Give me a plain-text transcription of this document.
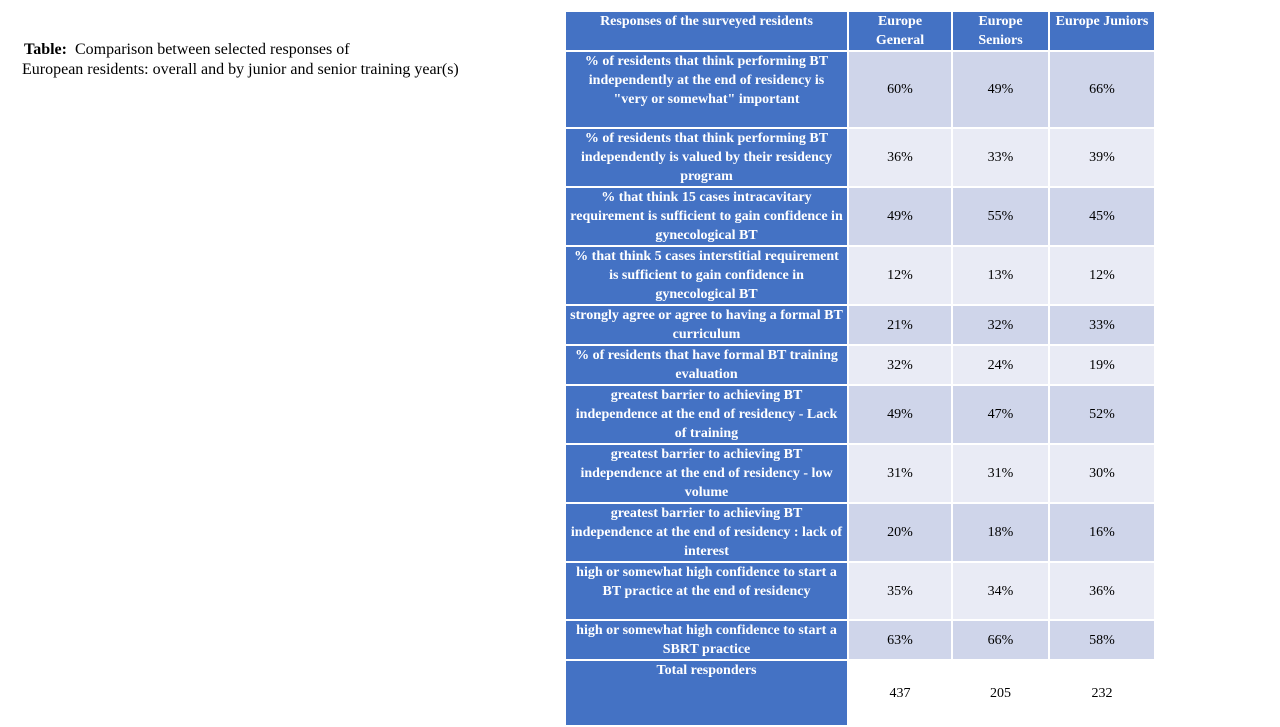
Table: Comparison between selected responses of
European residents: overall and by junior and senior training year(s)
Responses of the surveyed residents	Europe General	Europe Seniors	Europe Juniors
% of residents that think performing BT independently at the end of residency is "very or somewhat" important	60%	49%	66%
% of residents that think performing BT independently is valued by their residency program	36%	33%	39%
% that think 15 cases intracavitary requirement is sufficient to gain confidence in gynecological BT	49%	55%	45%
% that think 5 cases interstitial requirement is sufficient to gain confidence in gynecological BT	12%	13%	12%
strongly agree or agree to having a formal BT curriculum	21%	32%	33%
% of residents that have formal BT training evaluation	32%	24%	19%
greatest barrier to achieving BT independence at the end of residency - Lack of training	49%	47%	52%
greatest barrier to achieving BT independence at the end of residency - low volume	31%	31%	30%
greatest barrier to achieving BT independence at the end of residency : lack of interest	20%	18%	16%
high or somewhat high confidence to start a BT practice at the end of residency	35%	34%	36%
high or somewhat high confidence to start a SBRT practice	63%	66%	58%
Total responders	437	205	232
